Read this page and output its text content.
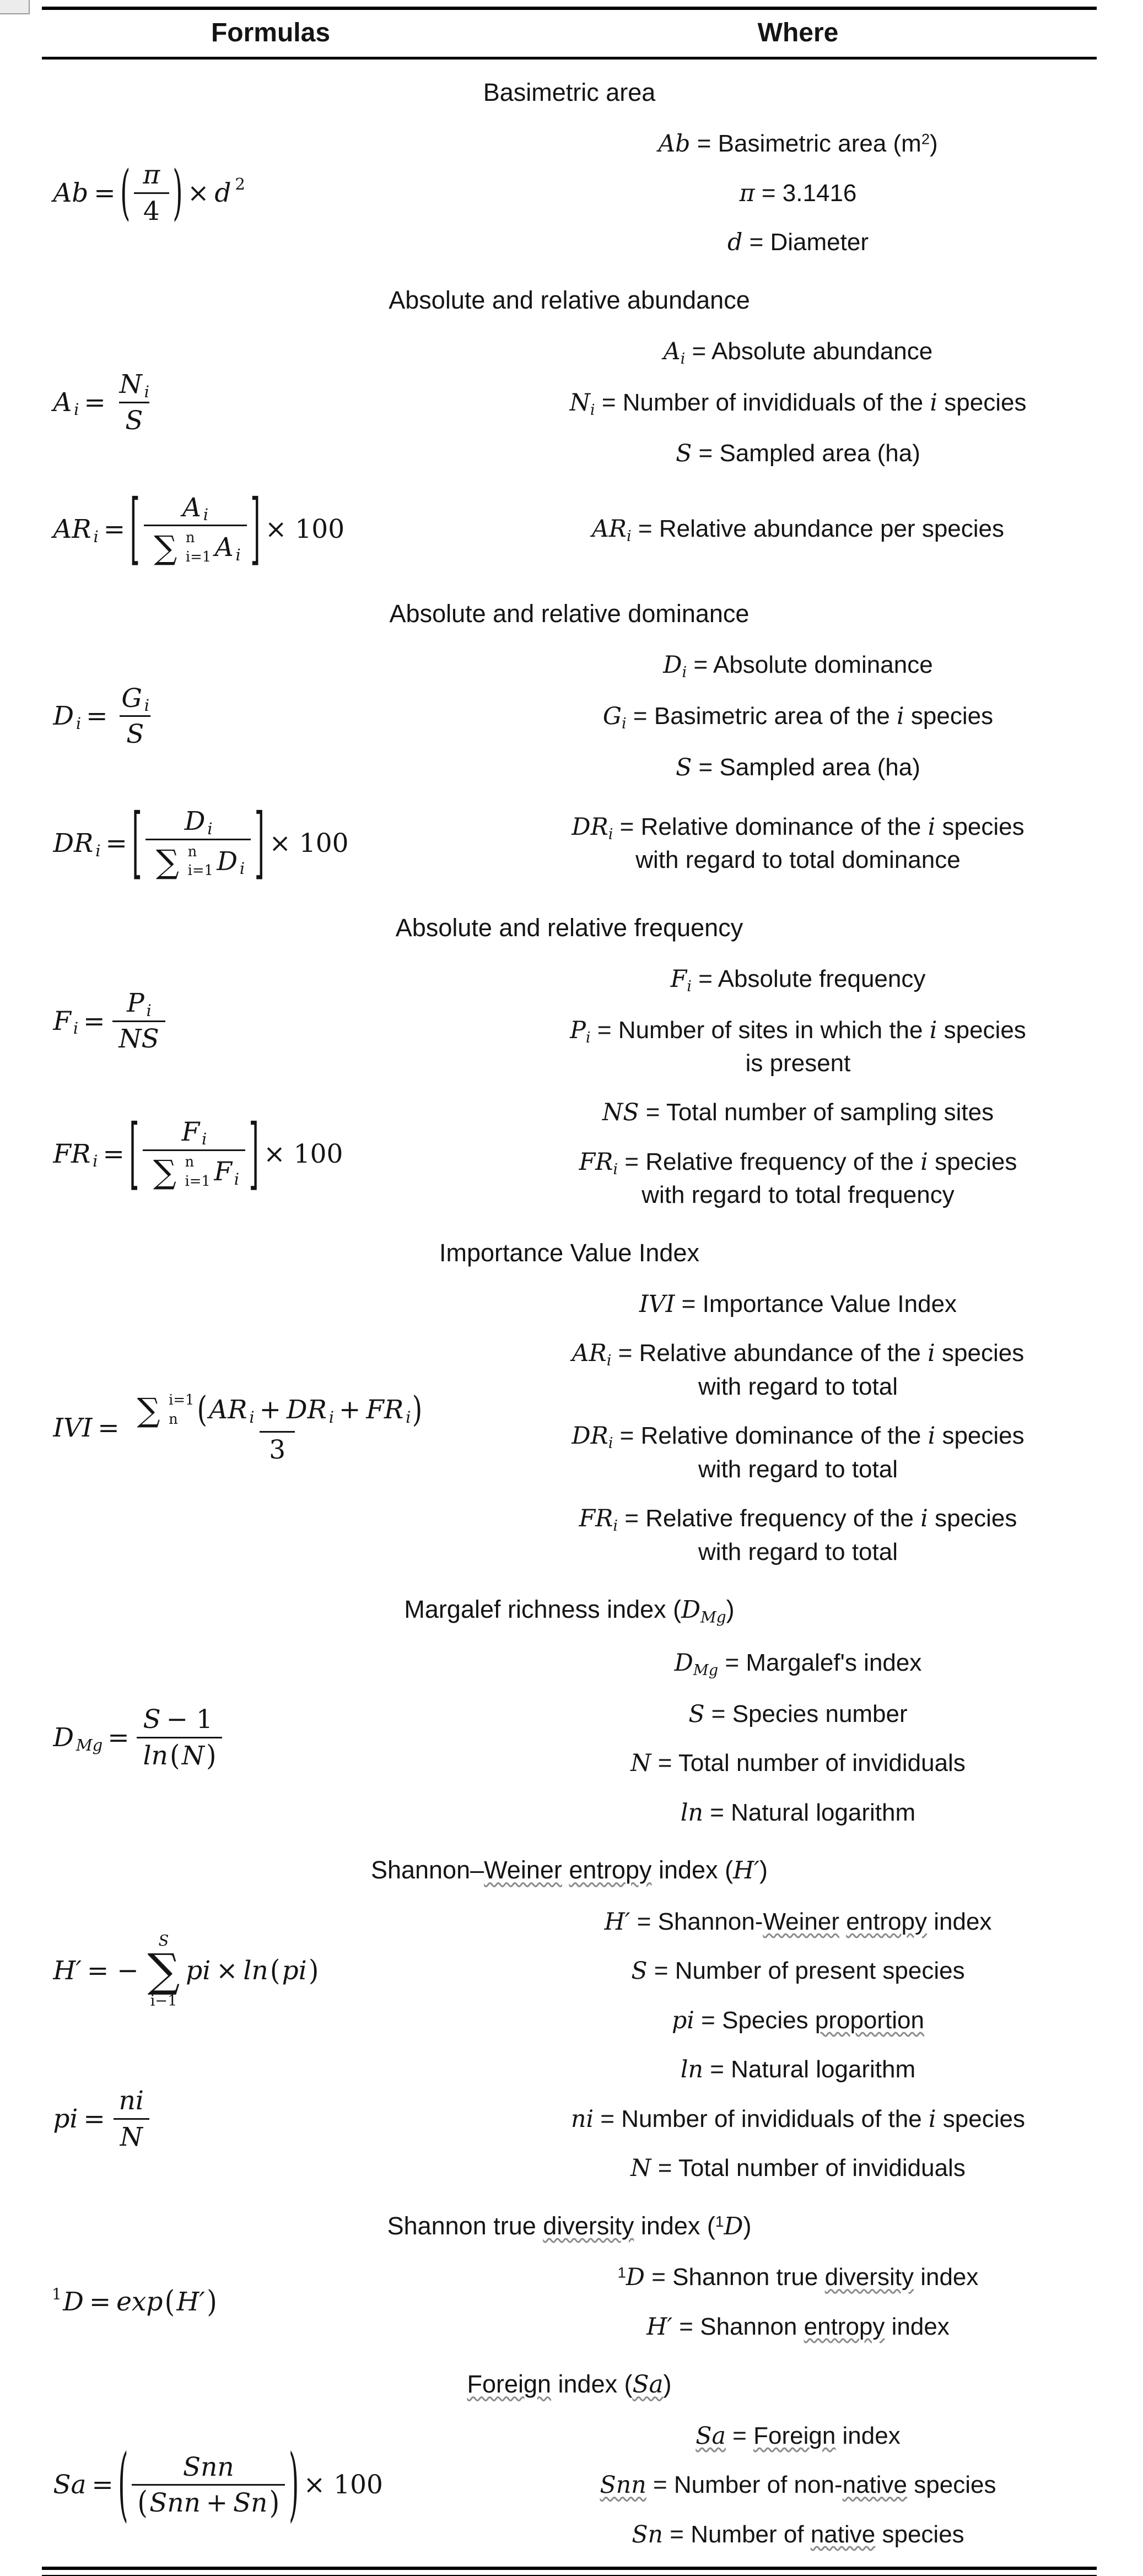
Formulas	Where
Basimetric area
Ab = ( $\frac{\pi}{4}$ ) × d 2
Ab = Basimetric area $(m^2)$
π = 3.1416
d = Diameter
Absolute and relative abundance
A $i = \frac{\text{N i}}{S}$
Ai = Absolute abundance
Ni = Number of invididuals of the i species
S = Sampled area (ha)
AR i = [ A i
∑ n
i=1 A i ] × 100	ARi = Relative abundance per species
Absolute and relative dominance
D $i = \frac{\text{G i}}{S}$
Di = Absolute dominance
Gi = Basimetric area of the i species
S = Sampled area (ha)
DR i = [ D i
∑ n
i=1 D i ] × 100
DRi = Relative dominance of the i species
with regard to total dominance
Absolute and relative frequency
F $i = \frac{\text{P i}}{NS}$
Fi = Absolute frequency
Pi = Number of sites in which the i species
is present
FR i = [ F i
∑ n
i=1 F i ] × 100
NS = Total number of sampling sites
FRi = Relative frequency of the i species
with regard to total frequency
Importance Value Index
IVI = ∑ i=1
n ( AR i + DR i + FR i )
3
IVI = Importance Value Index
ARi = Relative abundance of the i species
with regard to total
DRi = Relative dominance of the i species
with regard to total
FRi = Relative frequency of the i species
with regard to total
Margalef richness index (DMg)
D $Mg = \frac{S - 1}{\ln ( N )}$
DMg = Margalef's index
S = Species number
N = Total number of invididuals
ln = Natural logarithm
Shannon–Weiner entropy index (H′)
H′ = −
S
∑
i−1
pi × ln ( pi )
H′ = Shannon-Weiner entropy index
S = Number of present species
pi = Species proportion
pi = $\frac{ni}{N}$
ln = Natural logarithm
ni = Number of invididuals of the i species
N = Total number of invididuals
Shannon true diversity index ($^1$D)
1 D = exp ( H′ )
$^1$D = Shannon true diversity index
H′ = Shannon entropy index
Foreign index (Sa)
Sa = ( Snn
( Snn + Sn ) ) × 100
Sa = Foreign index
Snn = Number of non-native species
Sn = Number of native species
